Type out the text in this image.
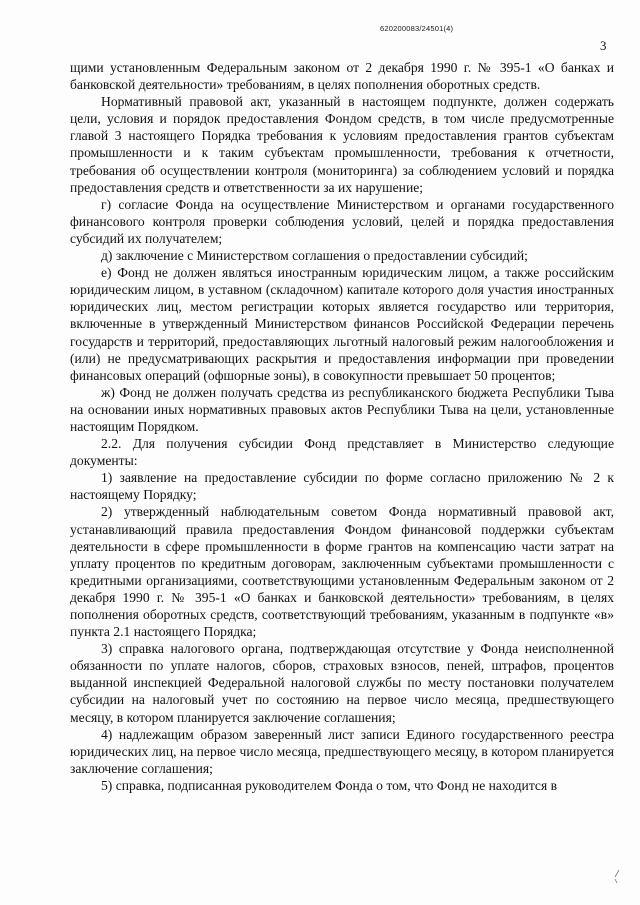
620200083/24501(4)
3

щими установленным Федеральным законом от 2 декабря 1990 г. № 395-1 «О банках и банковской деятельности» требованиям, в целях пополнения оборотных средств.

Нормативный правовой акт, указанный в настоящем подпункте, должен содержать цели, условия и порядок предоставления Фондом средств, в том числе предусмотренные главой 3 настоящего Порядка требования к условиям предоставления грантов субъектам промышленности и к таким субъектам промышленности, требования к отчетности, требования об осуществлении контроля (мониторинга) за соблюдением условий и порядка предоставления средств и ответственности за их нарушение;

г) согласие Фонда на осуществление Министерством и органами государственного финансового контроля проверки соблюдения условий, целей и порядка предоставления субсидий их получателем;

д) заключение с Министерством соглашения о предоставлении субсидий;

е) Фонд не должен являться иностранным юридическим лицом, а также российским юридическим лицом, в уставном (складочном) капитале которого доля участия иностранных юридических лиц, местом регистрации которых является государство или территория, включенные в утвержденный Министерством финансов Российской Федерации перечень государств и территорий, предоставляющих льготный налоговый режим налогообложения и (или) не предусматривающих раскрытия и предоставления информации при проведении финансовых операций (офшорные зоны), в совокупности превышает 50 процентов;

ж) Фонд не должен получать средства из республиканского бюджета Республики Тыва на основании иных нормативных правовых актов Республики Тыва на цели, установленные настоящим Порядком.

2.2. Для получения субсидии Фонд представляет в Министерство следующие документы:

1) заявление на предоставление субсидии по форме согласно приложению № 2 к настоящему Порядку;

2) утвержденный наблюдательным советом Фонда нормативный правовой акт, устанавливающий правила предоставления Фондом финансовой поддержки субъектам деятельности в сфере промышленности в форме грантов на компенсацию части затрат на уплату процентов по кредитным договорам, заключенным субъектами промышленности с кредитными организациями, соответствующими установленным Федеральным законом от 2 декабря 1990 г. № 395-1 «О банках и банковской деятельности» требованиям, в целях пополнения оборотных средств, соответствующий требованиям, указанным в подпункте «в» пункта 2.1 настоящего Порядка;

3) справка налогового органа, подтверждающая отсутствие у Фонда неисполненной обязанности по уплате налогов, сборов, страховых взносов, пеней, штрафов, процентов выданной инспекцией Федеральной налоговой службы по месту постановки получателем субсидии на налоговый учет по состоянию на первое число месяца, предшествующего месяцу, в котором планируется заключение соглашения;

4) надлежащим образом заверенный лист записи Единого государственного реестра юридических лиц, на первое число месяца, предшествующего месяцу, в котором планируется заключение соглашения;

5) справка, подписанная руководителем Фонда о том, что Фонд не находится в
